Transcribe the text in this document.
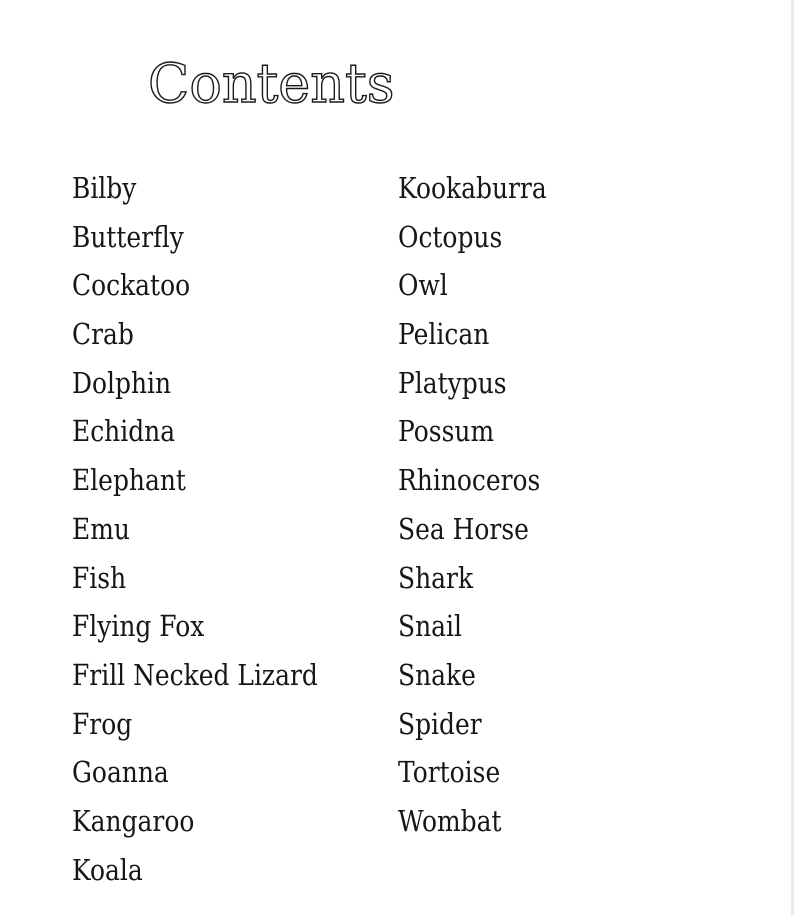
Contents
Bilby
Butterfly
Cockatoo
Crab
Dolphin
Echidna
Elephant
Emu
Fish
Flying Fox
Frill Necked Lizard
Frog
Goanna
Kangaroo
Koala
Kookaburra
Octopus
Owl
Pelican
Platypus
Possum
Rhinoceros
Sea Horse
Shark
Snail
Snake
Spider
Tortoise
Wombat
